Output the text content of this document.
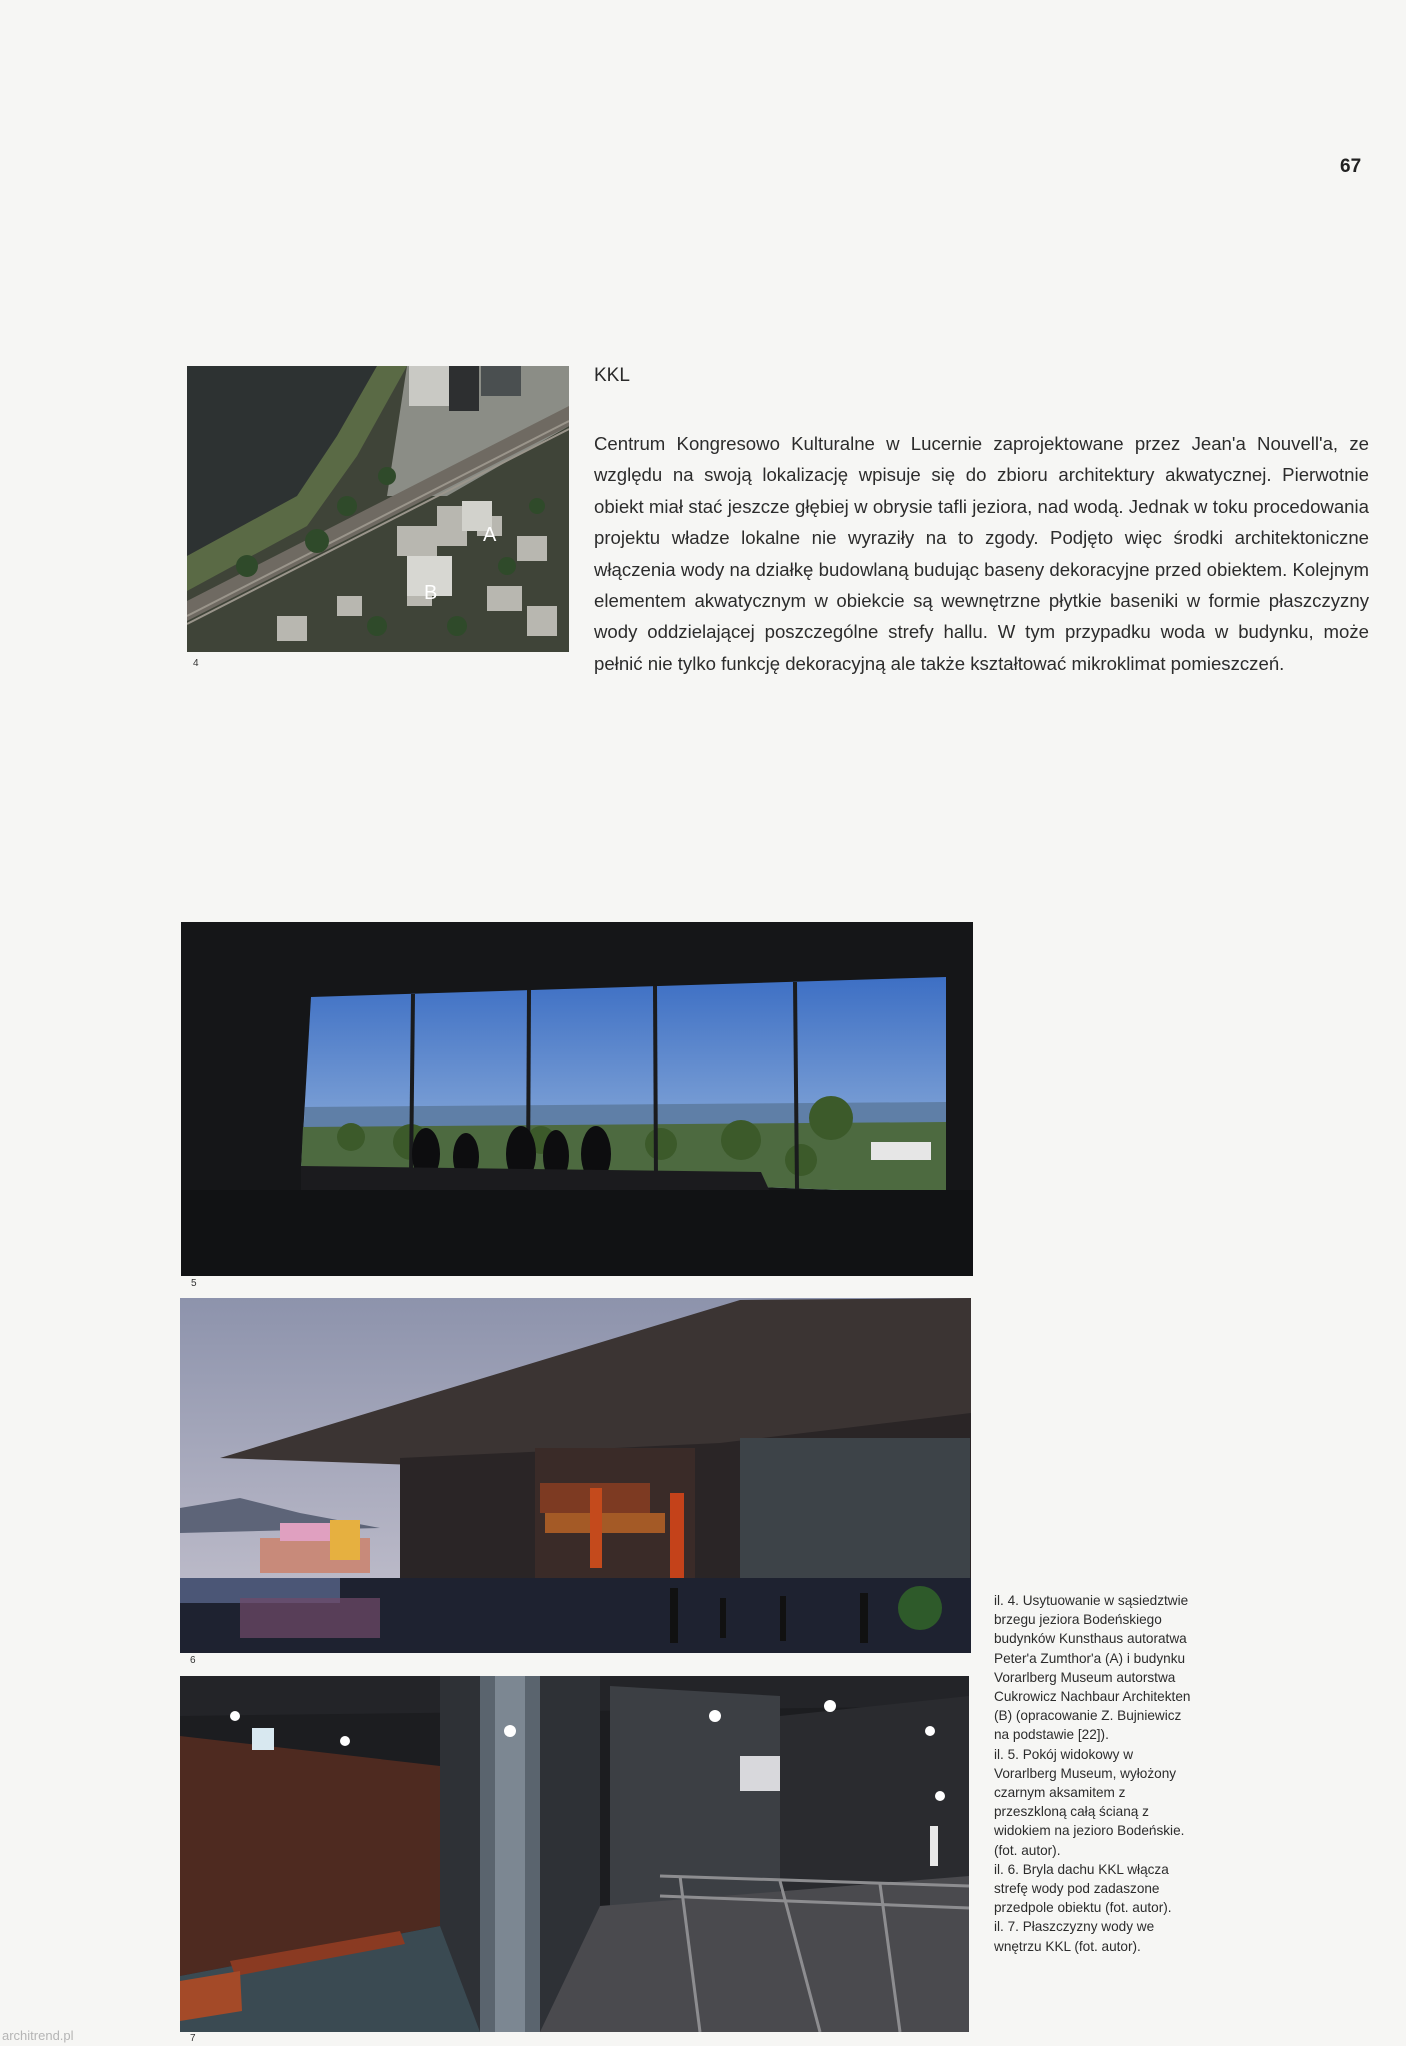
67
A
B
4
KKL

Centrum Kongresowo Kulturalne w Lucernie zaprojektowane przez Jean'a Nouvell'a, ze względu na swoją lokalizację wpisuje się do zbioru architektury akwatycznej. Pierwotnie obiekt miał stać jeszcze głębiej w obrysie tafli jeziora, nad wodą. Jednak w toku procedowania projektu władze lokalne nie wyraziły na to zgody. Podjęto więc środki architektoniczne włączenia wody na działkę budowlaną budując baseny dekoracyjne przed obiektem. Kolejnym elementem akwatycznym w obiekcie są wewnętrzne płytkie baseniki w formie płaszczyzny wody oddzielającej poszczególne strefy hallu. W tym przypadku woda w budynku, może pełnić nie tylko funkcję dekoracyjną ale także kształtować mikroklimat pomieszczeń.

5
6
7

il. 4. Usytuowanie w sąsiedztwie brzegu jeziora Bodeńskiego budynków Kunsthaus autoratwa Peter'a Zumthor'a (A) i budynku Vorarlberg Museum autorstwa Cukrowicz Nachbaur Architekten (B) (opracowanie Z. Bujniewicz na podstawie [22]).

il. 5. Pokój widokowy w Vorarlberg Museum, wyłożony czarnym aksamitem z przeszkloną całą ścianą z widokiem na jezioro Bodeńskie. (fot. autor).

il. 6. Bryla dachu KKL włącza strefę wody pod zadaszone przedpole obiektu (fot. autor).

il. 7. Płaszczyzny wody we wnętrzu KKL (fot. autor).

architrend.pl
